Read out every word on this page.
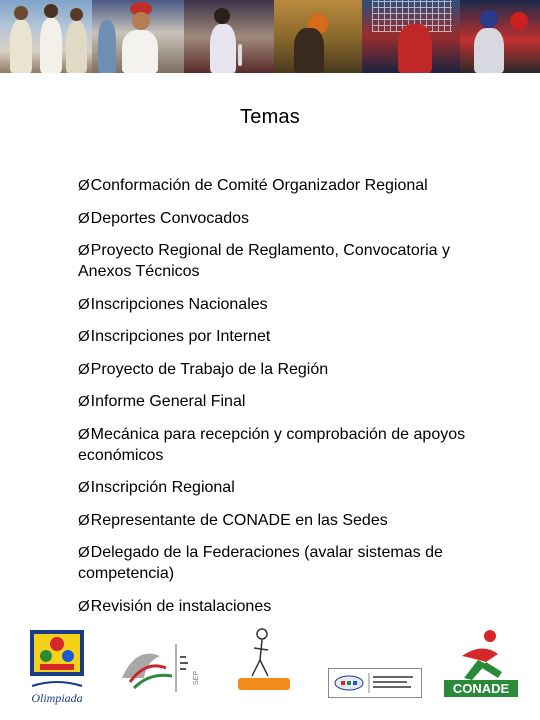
Temas
ØConformación de Comité Organizador Regional
ØDeportes Convocados
ØProyecto Regional de Reglamento, Convocatoria y Anexos Técnicos
ØInscripciones Nacionales
ØInscripciones por Internet
ØProyecto de Trabajo de la Región
ØInforme General Final
ØMecánica para recepción y comprobación de apoyos económicos
ØInscripción Regional
ØRepresentante de CONADE en las Sedes
ØDelegado de la Federaciones (avalar sistemas de competencia)
ØRevisión de instalaciones
Olimpiada
SEP
CONADE
